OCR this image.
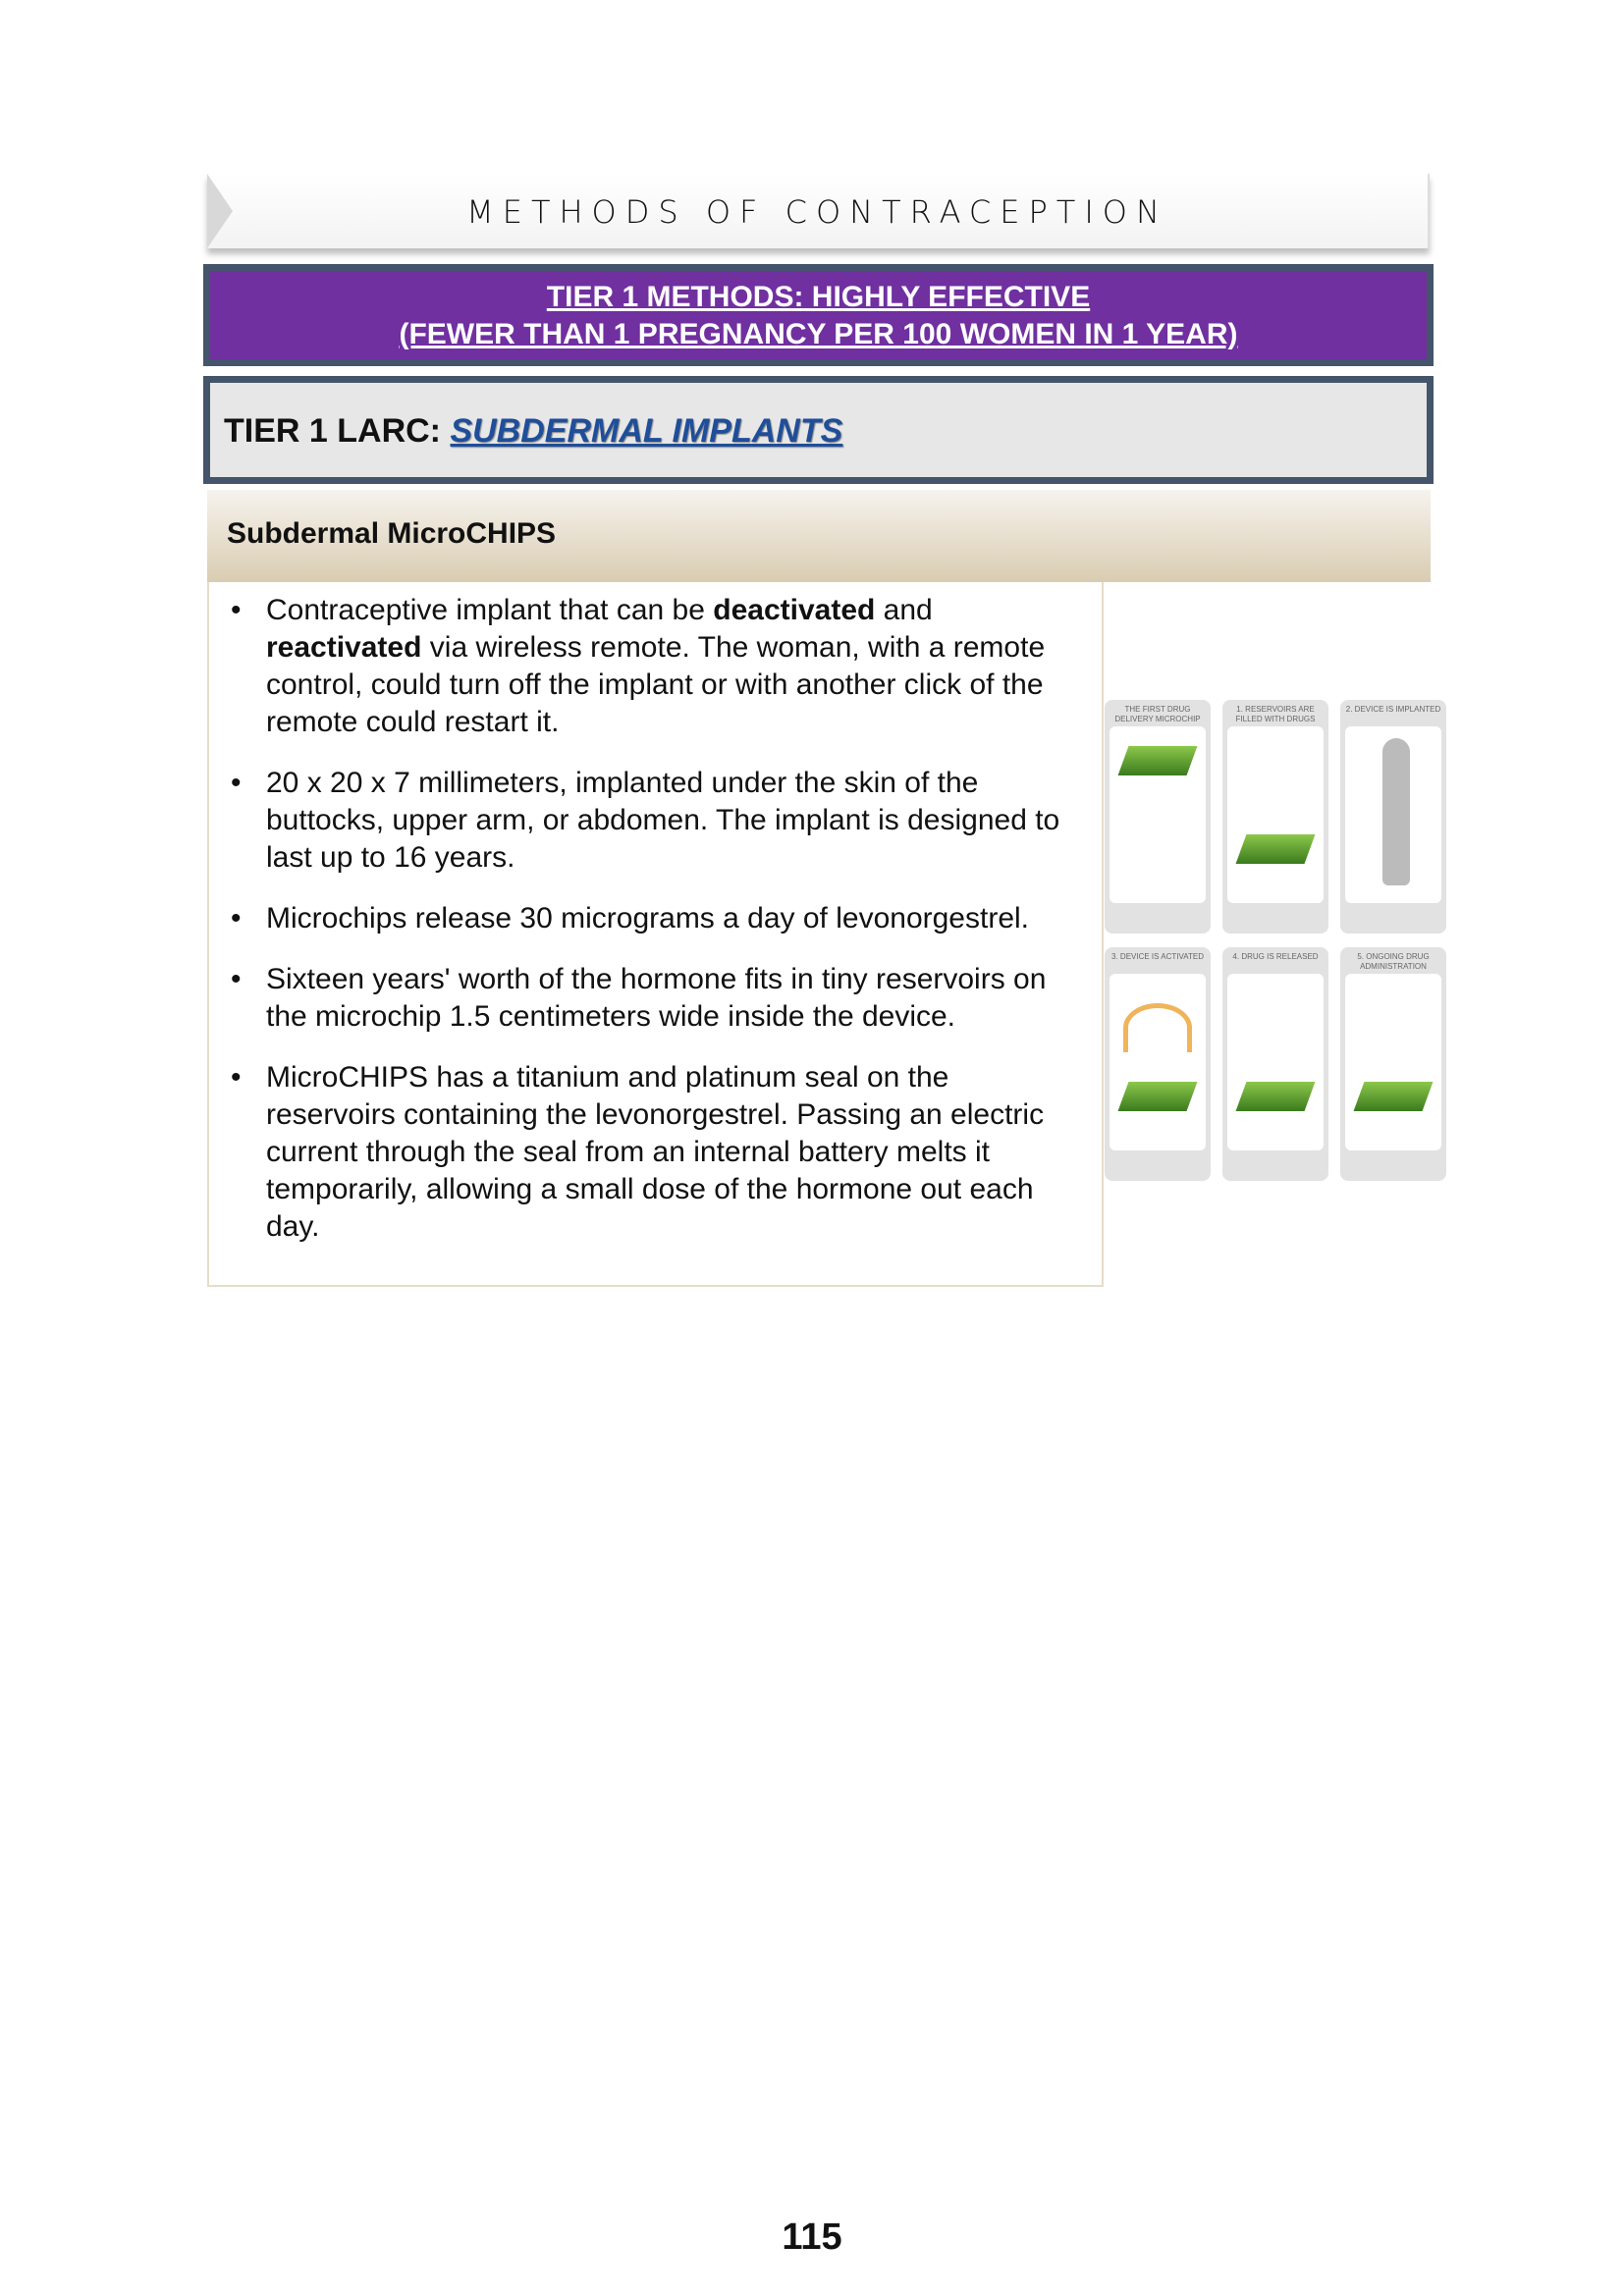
METHODS OF CONTRACEPTION
TIER 1 METHODS: HIGHLY EFFECTIVE
(FEWER THAN 1 PREGNANCY PER 100 WOMEN IN 1 YEAR)
TIER 1 LARC: SUBDERMAL IMPLANTS
Subdermal MicroCHIPS
• Contraceptive implant that can be deactivated and reactivated via wireless remote. The woman, with a remote control, could turn off the implant or with another click of the remote could restart it.
• 20 x 20 x 7 millimeters, implanted under the skin of the buttocks, upper arm, or abdomen. The implant is designed to last up to 16 years.
• Microchips release 30 micrograms a day of levonorgestrel.
• Sixteen years' worth of the hormone fits in tiny reservoirs on the microchip 1.5 centimeters wide inside the device.
• MicroCHIPS has a titanium and platinum seal on the reservoirs containing the levonorgestrel. Passing an electric current through the seal from an internal battery melts it temporarily, allowing a small dose of the hormone out each day.
THE FIRST DRUG DELIVERY MICROCHIP
1. RESERVOIRS ARE FILLED WITH DRUGS
2. DEVICE IS IMPLANTED
3. DEVICE IS ACTIVATED	4. DRUG IS RELEASED	5. ONGOING DRUG ADMINISTRATION
115
